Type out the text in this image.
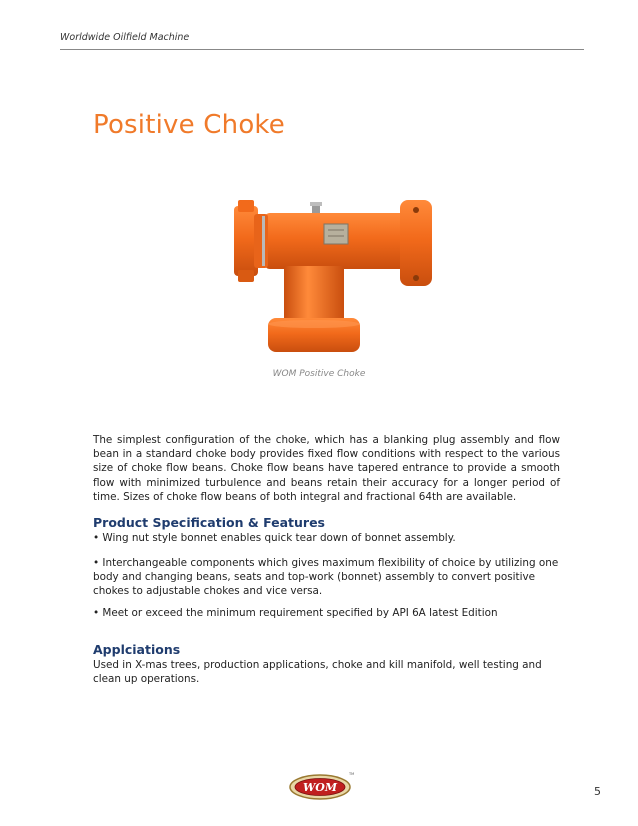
Worldwide Oilfield Machine
Positive Choke
WOM Positive Choke
The simplest configuration of the choke, which has a blanking plug assembly and flow bean in a standard choke body provides fixed flow conditions with respect to the various size of choke flow beans. Choke flow beans have tapered entrance to provide a smooth flow with minimized turbulence and beans retain their accuracy for a longer period of time. Sizes of choke flow beans of both integral and fractional 64th are available.
Product Specification & Features
• Wing nut style bonnet enables quick tear down of bonnet assembly.
• Interchangeable components which gives maximum flexibility of choice by utilizing one body and changing beans, seats and top-work (bonnet) assembly to convert positive chokes to adjustable chokes and vice versa.
• Meet or exceed the minimum requirement specified by API 6A latest Edition
Applciations
Used in X-mas trees, production applications, choke and kill manifold, well testing and clean up operations.
WOM
TM
5
